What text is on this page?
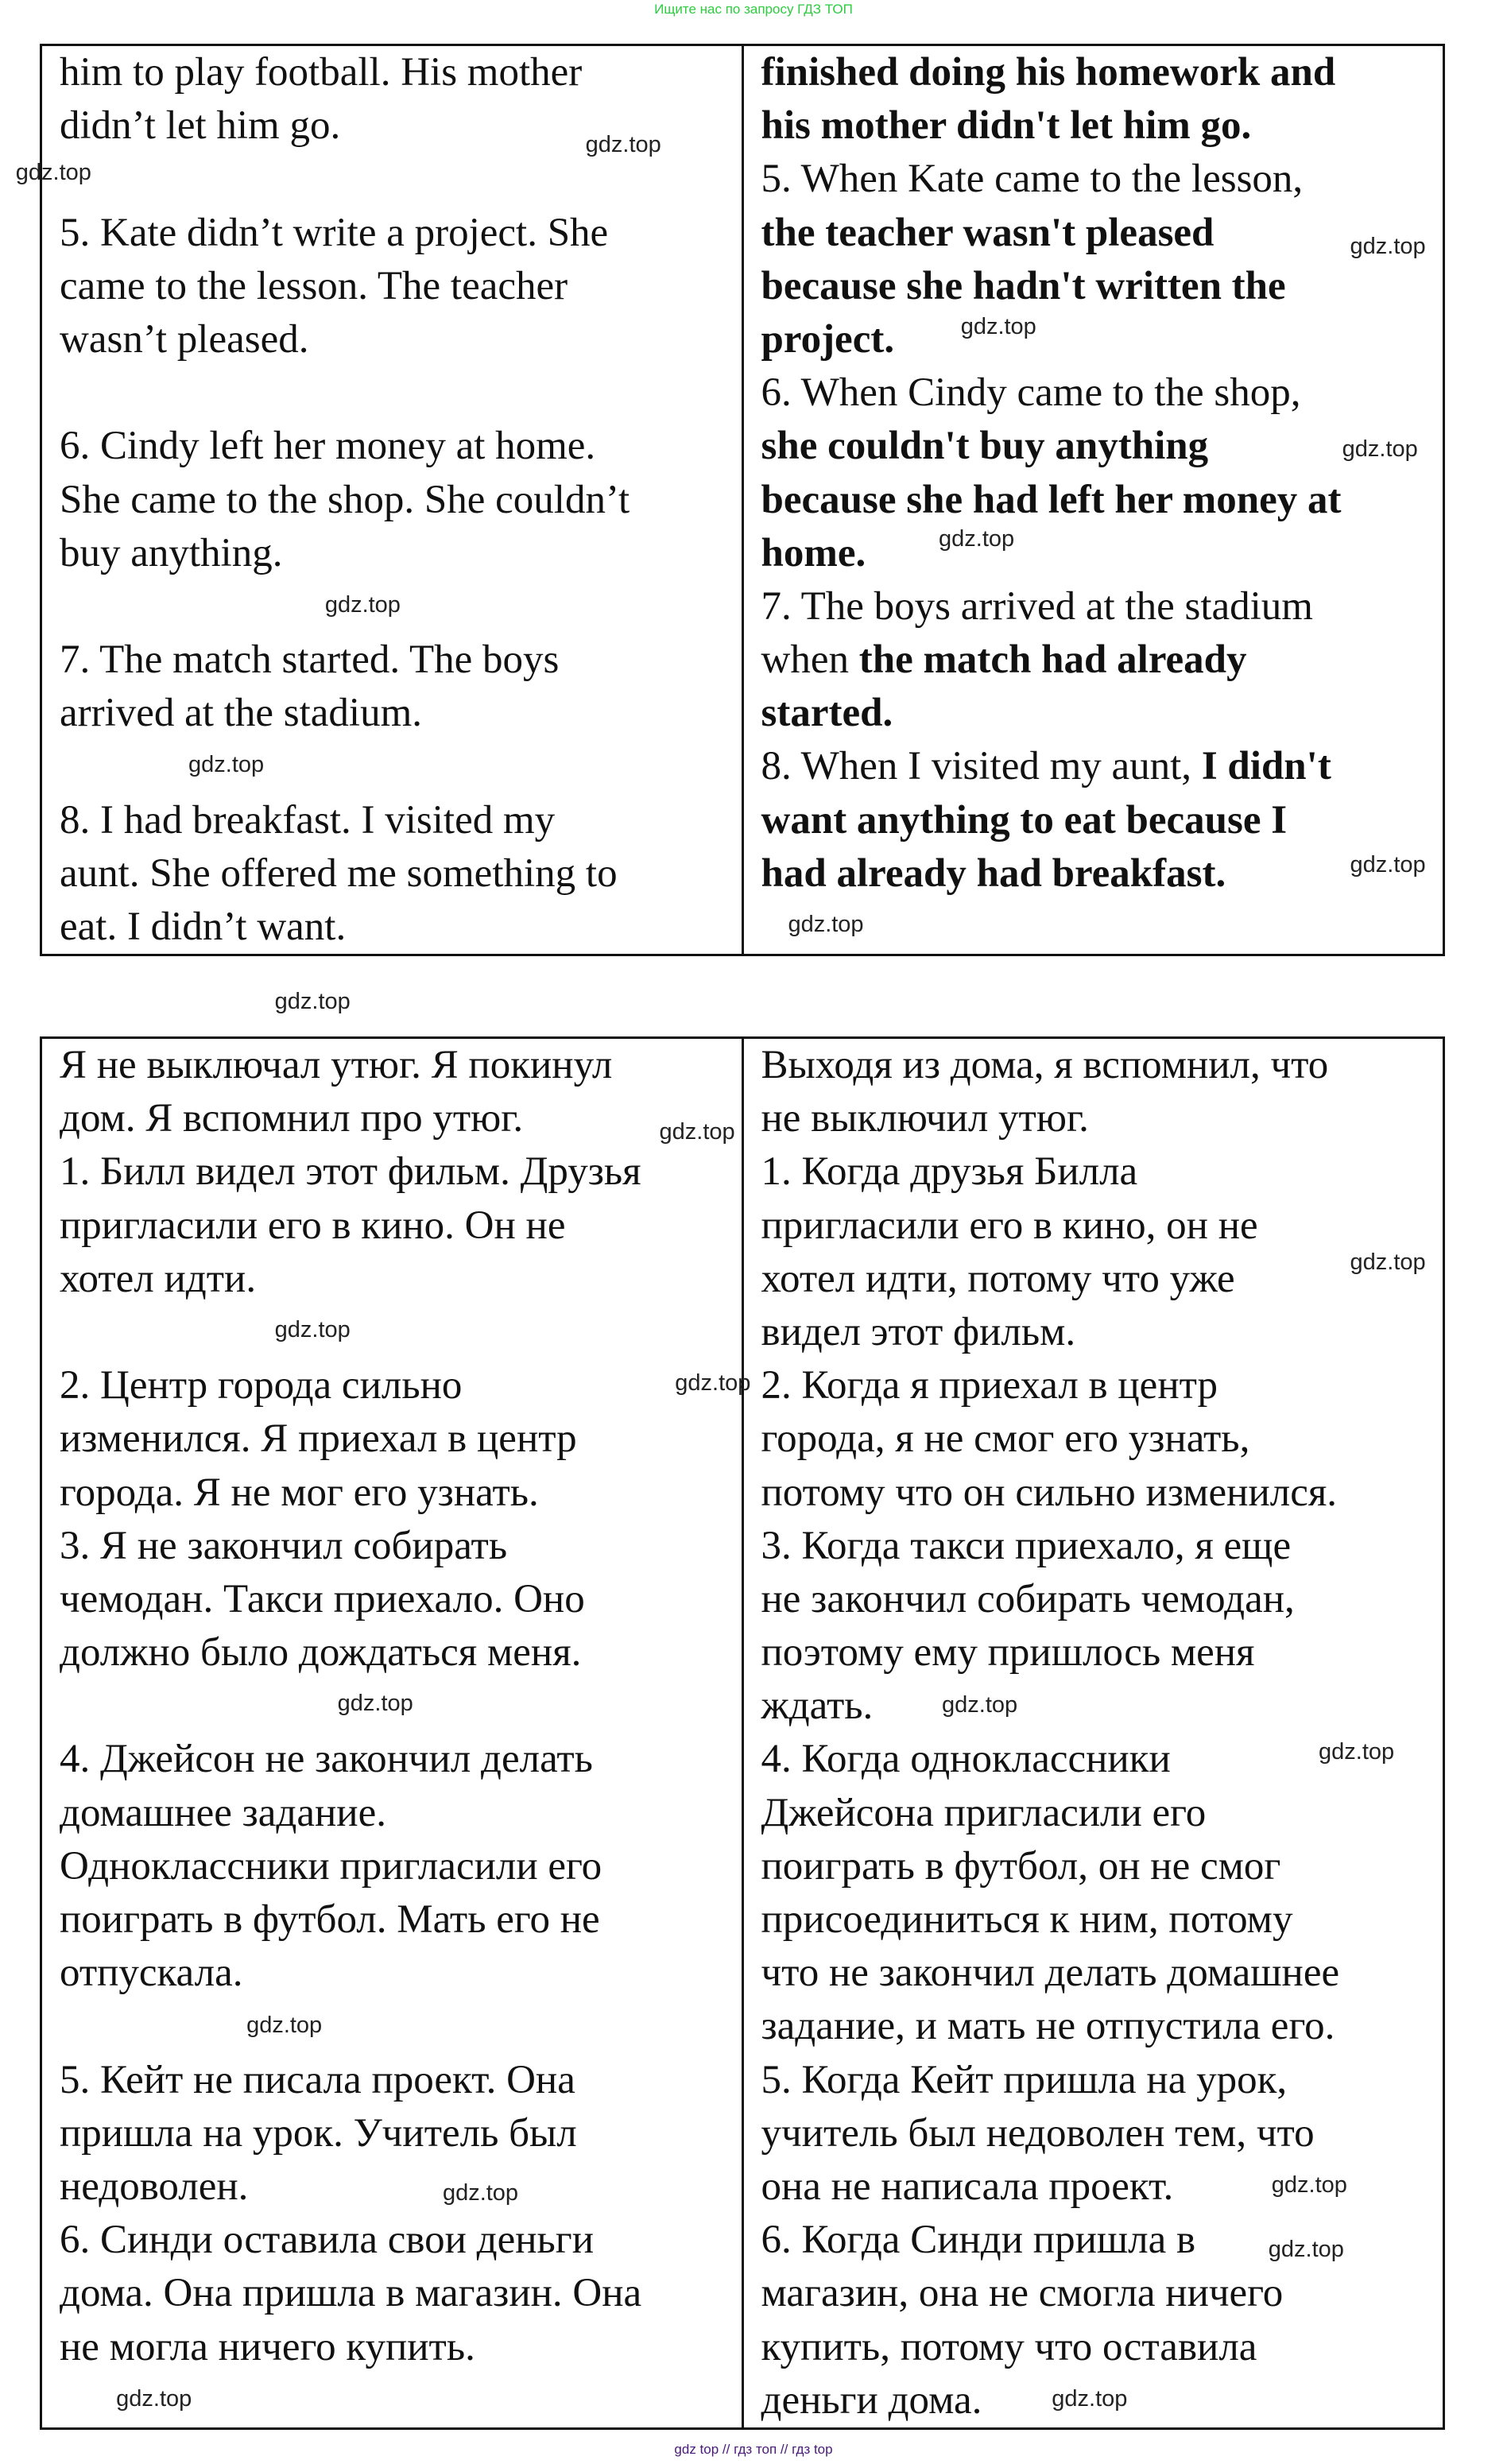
Ищите нас по запросу ГДЗ ТОП
him to play football. His mother
didn’t let him go.
5. Kate didn’t write a project. She
came to the lesson. The teacher
wasn’t pleased.
6. Cindy left her money at home.
She came to the shop. She couldn’t
buy anything.
7. The match started. The boys
arrived at the stadium.
8. I had breakfast. I visited my
aunt. She offered me something to
eat. I didn’t want.

finished doing his homework and
his mother didn't let him go.
5. When Kate came to the lesson,
the teacher wasn't pleased
because she hadn't written the
project.
6. When Cindy came to the shop,
she couldn't buy anything
because she had left her money at
home.
7. The boys arrived at the stadium
when the match had already
started.
8. When I visited my aunt, I didn't
want anything to eat because I
had already had breakfast.
Я не выключал утюг. Я покинул
дом. Я вспомнил про утюг.
1. Билл видел этот фильм. Друзья
пригласили его в кино. Он не
хотел идти.
2. Центр города сильно
изменился. Я приехал в центр
города. Я не мог его узнать.
3. Я не закончил собирать
чемодан. Такси приехало. Оно
должно было дождаться меня.
4. Джейсон не закончил делать
домашнее задание.
Одноклассники пригласили его
поиграть в футбол. Мать его не
отпускала.
5. Кейт не писала проект. Она
пришла на урок. Учитель был
недоволен.
6. Синди оставила свои деньги
дома. Она пришла в магазин. Она
не могла ничего купить.

Выходя из дома, я вспомнил, что
не выключил утюг.
1. Когда друзья Билла
пригласили его в кино, он не
хотел идти, потому что уже
видел этот фильм.
2. Когда я приехал в центр
города, я не смог его узнать,
потому что он сильно изменился.
3. Когда такси приехало, я еще
не закончил собирать чемодан,
поэтому ему пришлось меня
ждать.
4. Когда одноклассники
Джейсона пригласили его
поиграть в футбол, он не смог
присоединиться к ним, потому
что не закончил делать домашнее
задание, и мать не отпустила его.
5. Когда Кейт пришла на урок,
учитель был недоволен тем, что
она не написала проект.
6. Когда Синди пришла в
магазин, она не смогла ничего
купить, потому что оставила
деньги дома.
gdz.top
gdz.top
gdz.top
gdz.top
gdz.top
gdz.top
gdz.top
gdz.top
gdz.top
gdz.top
gdz.top
gdz.top
gdz.top
gdz.top
gdz.top
gdz.top
gdz.top
gdz.top
gdz.top
gdz.top
gdz.top
gdz.top
gdz.top
gdz.top
gdz top // гдз топ // гдз top
